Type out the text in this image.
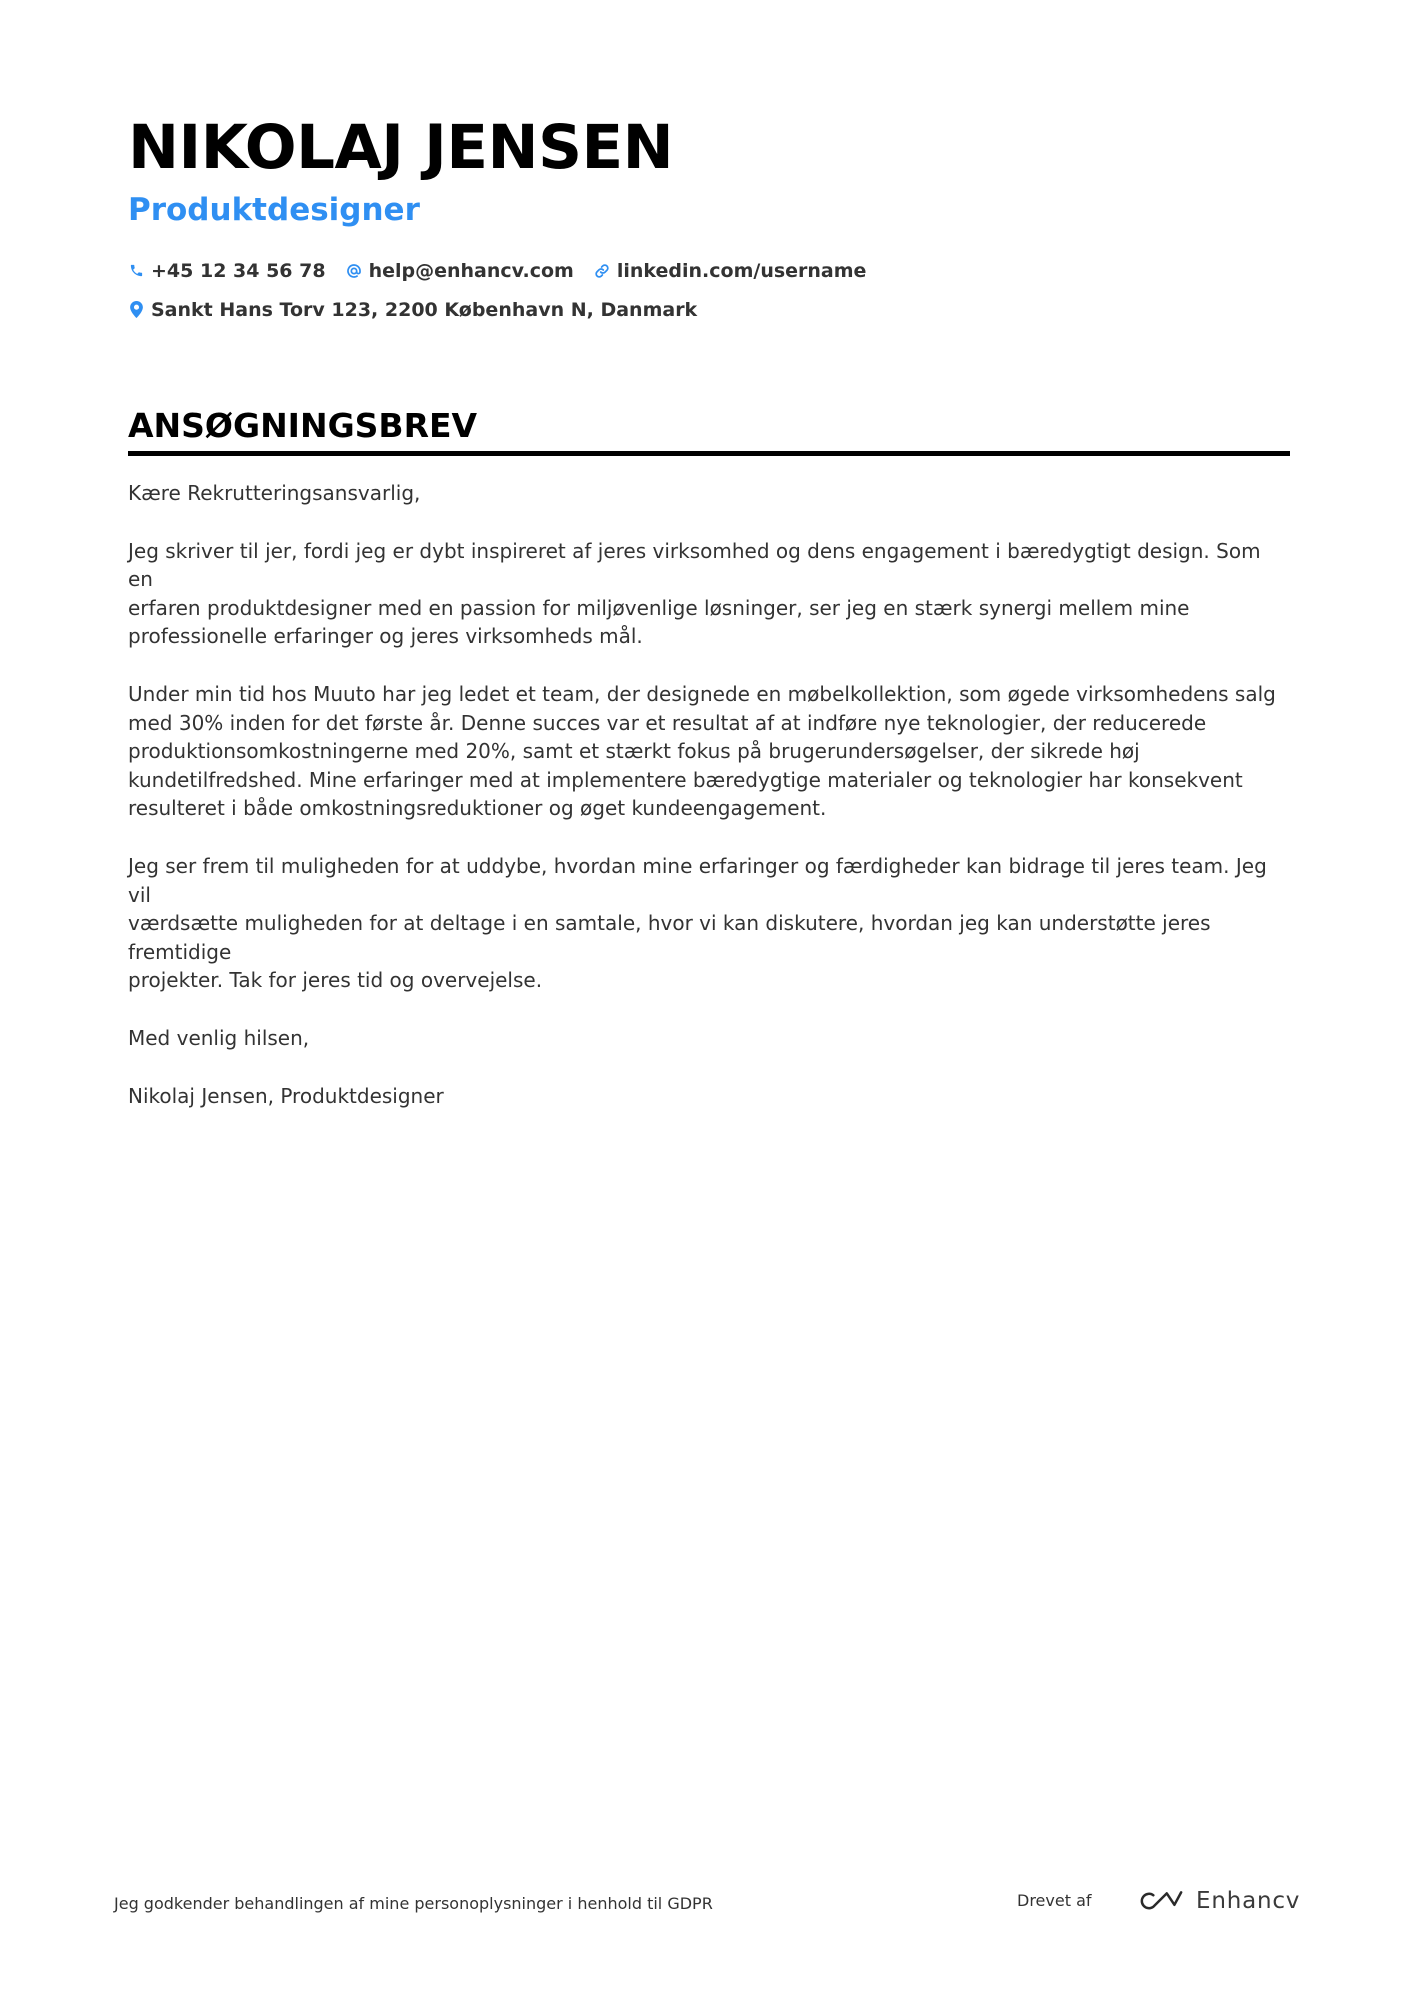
NIKOLAJ JENSEN
Produktdesigner
+45 12 34 56 78 help@enhancv.com linkedin.com/username
Sankt Hans Torv 123, 2200 København N, Danmark
ANSØGNINGSBREV

Kære Rekrutteringsansvarlig,

Jeg skriver til jer, fordi jeg er dybt inspireret af jeres virksomhed og dens engagement i bæredygtigt design. Som en
erfaren produktdesigner med en passion for miljøvenlige løsninger, ser jeg en stærk synergi mellem mine
professionelle erfaringer og jeres virksomheds mål.

Under min tid hos Muuto har jeg ledet et team, der designede en møbelkollektion, som øgede virksomhedens salg
med 30% inden for det første år. Denne succes var et resultat af at indføre nye teknologier, der reducerede
produktionsomkostningerne med 20%, samt et stærkt fokus på brugerundersøgelser, der sikrede høj
kundetilfredshed. Mine erfaringer med at implementere bæredygtige materialer og teknologier har konsekvent
resulteret i både omkostningsreduktioner og øget kundeengagement.

Jeg ser frem til muligheden for at uddybe, hvordan mine erfaringer og færdigheder kan bidrage til jeres team. Jeg vil
værdsætte muligheden for at deltage i en samtale, hvor vi kan diskutere, hvordan jeg kan understøtte jeres fremtidige
projekter. Tak for jeres tid og overvejelse.

Med venlig hilsen,

Nikolaj Jensen, Produktdesigner

Jeg godkender behandlingen af mine personoplysninger i henhold til GDPR	Drevet af	Enhancv
